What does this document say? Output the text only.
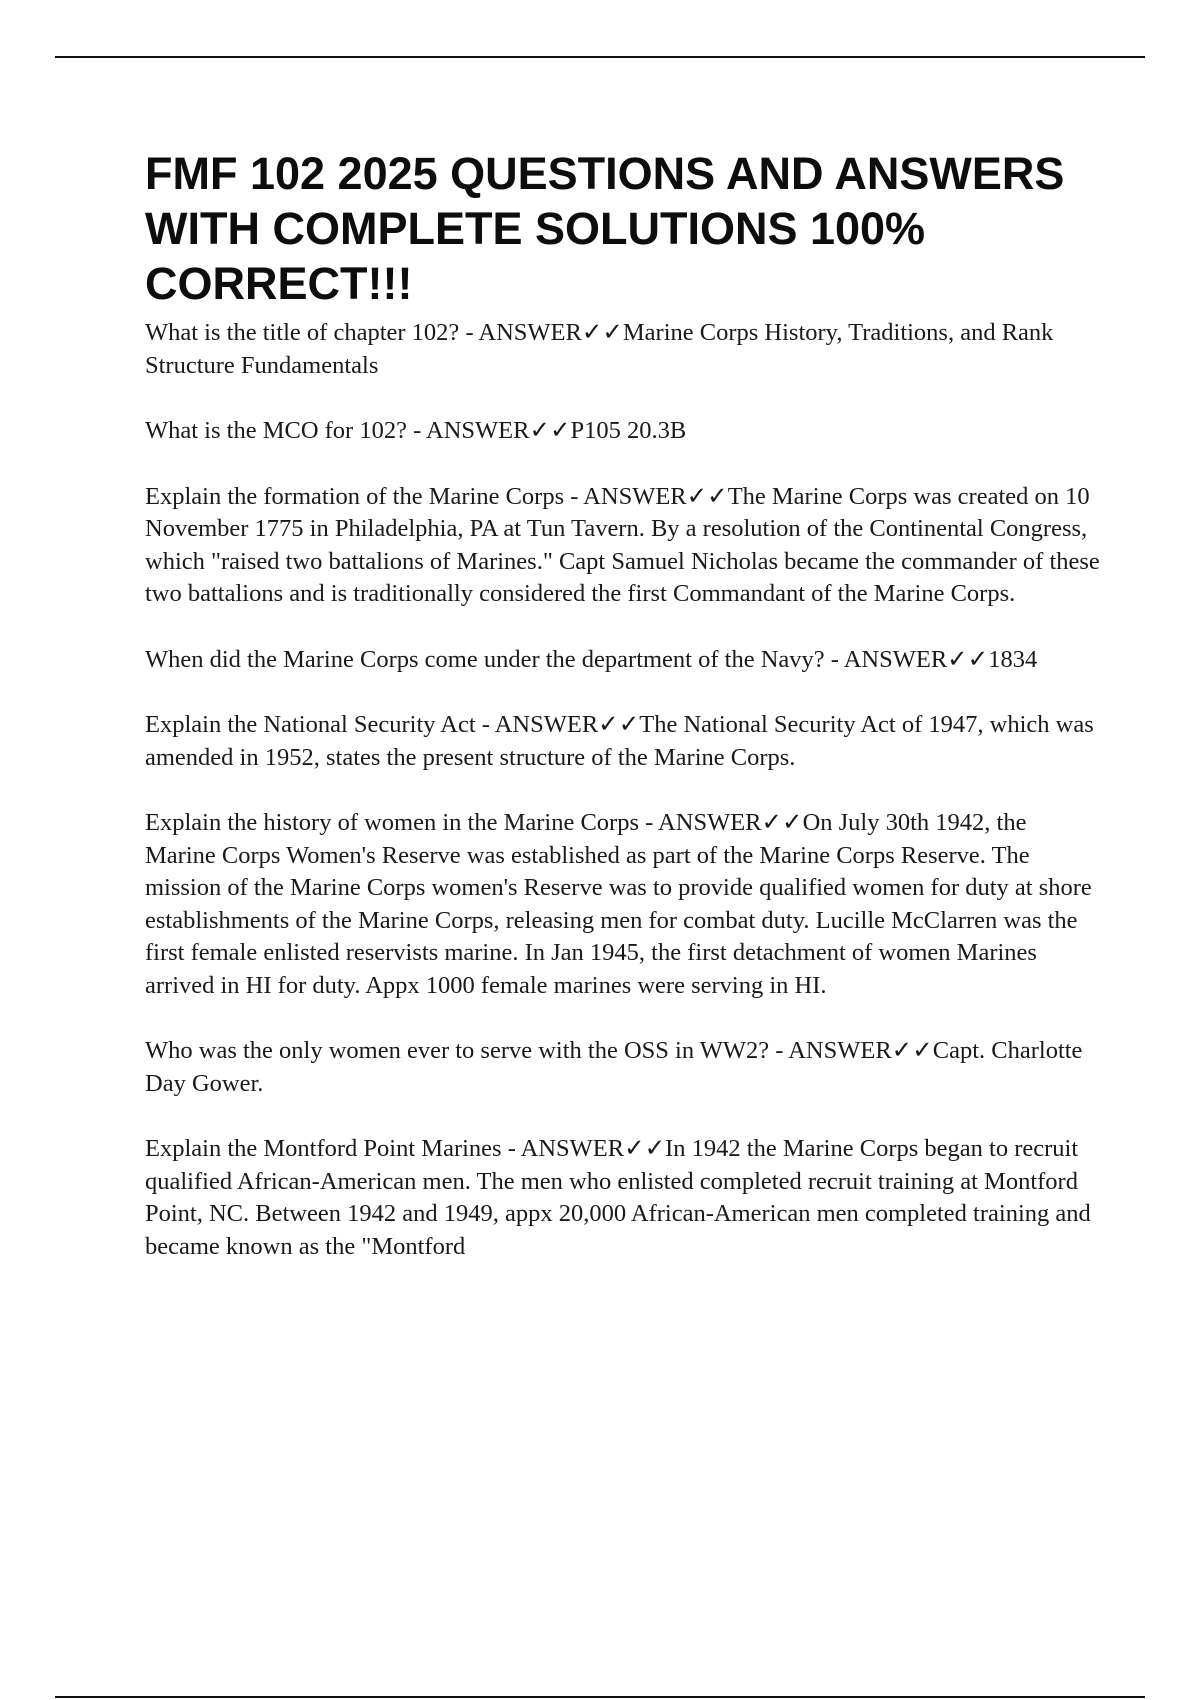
FMF 102 2025 QUESTIONS AND ANSWERS WITH COMPLETE SOLUTIONS 100% CORRECT!!!

What is the title of chapter 102? - ANSWER✓✓Marine Corps History, Traditions, and Rank Structure Fundamentals

What is the MCO for 102? - ANSWER✓✓P105 20.3B

Explain the formation of the Marine Corps - ANSWER✓✓The Marine Corps was created on 10 November 1775 in Philadelphia, PA at Tun Tavern. By a resolution of the Continental Congress, which "raised two battalions of Marines." Capt Samuel Nicholas became the commander of these two battalions and is traditionally considered the first Commandant of the Marine Corps.

When did the Marine Corps come under the department of the Navy? - ANSWER✓✓1834

Explain the National Security Act - ANSWER✓✓The National Security Act of 1947, which was amended in 1952, states the present structure of the Marine Corps.

Explain the history of women in the Marine Corps - ANSWER✓✓On July 30th 1942, the Marine Corps Women's Reserve was established as part of the Marine Corps Reserve. The mission of the Marine Corps women's Reserve was to provide qualified women for duty at shore establishments of the Marine Corps, releasing men for combat duty. Lucille McClarren was the first female enlisted reservists marine. In Jan 1945, the first detachment of women Marines arrived in HI for duty. Appx 1000 female marines were serving in HI.

Who was the only women ever to serve with the OSS in WW2? - ANSWER✓✓Capt. Charlotte Day Gower.

Explain the Montford Point Marines - ANSWER✓✓In 1942 the Marine Corps began to recruit qualified African-American men. The men who enlisted completed recruit training at Montford Point, NC. Between 1942 and 1949, appx 20,000 African-American men completed training and became known as the "Montford
